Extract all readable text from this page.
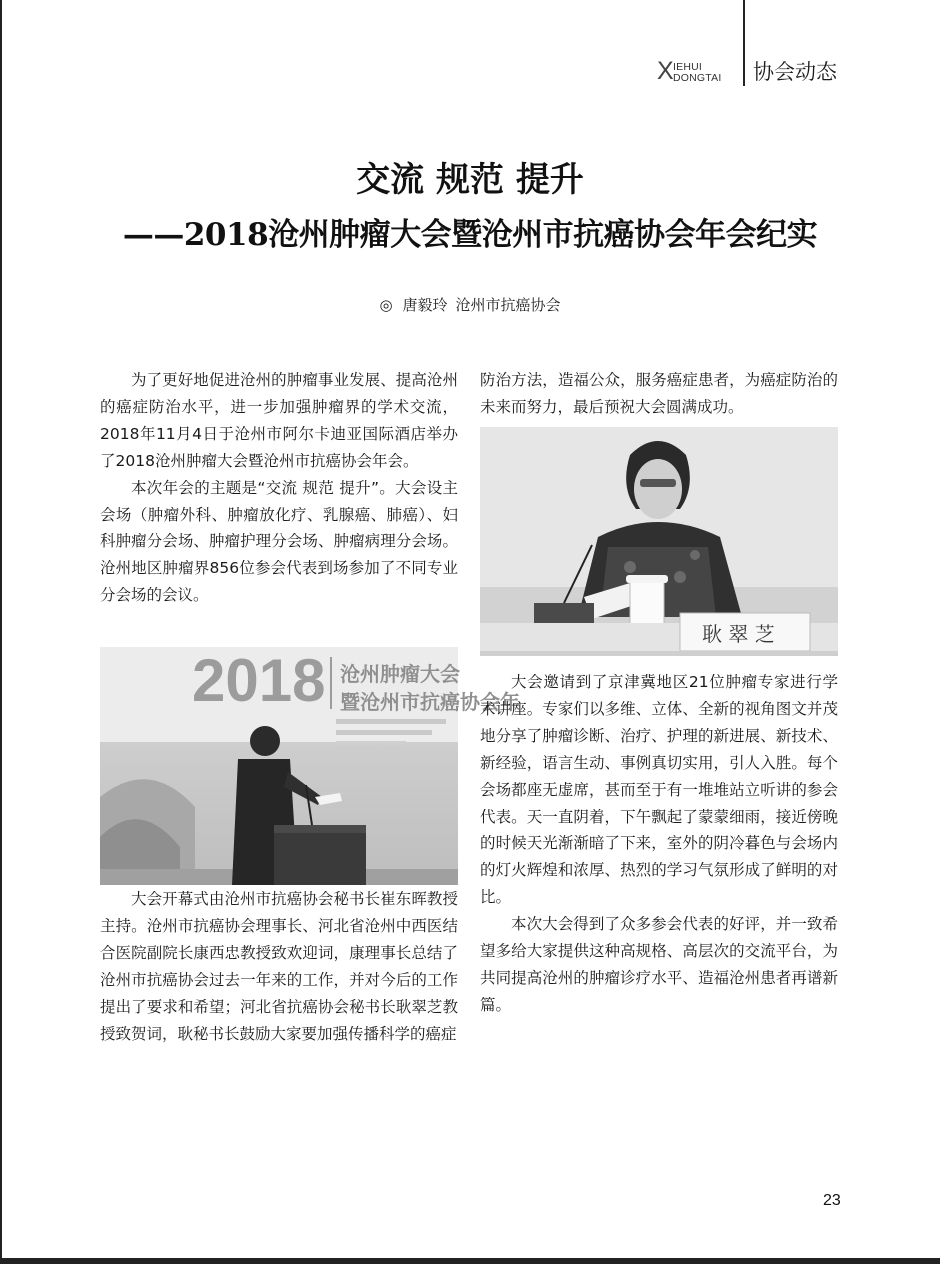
X IEHUI
DONGTAI 协会动态
交流 规范 提升
——2018沧州肿瘤大会暨沧州市抗癌协会年会纪实
◎ 唐毅玲 沧州市抗癌协会

为了更好地促进沧州的肿瘤事业发展、提高沧州的癌症防治水平，进一步加强肿瘤界的学术交流，2018年11月4日于沧州市阿尔卡迪亚国际酒店举办了2018沧州肿瘤大会暨沧州市抗癌协会年会。

本次年会的主题是“交流 规范 提升”。大会设主会场（肿瘤外科、肿瘤放化疗、乳腺癌、肺癌）、妇科肿瘤分会场、肿瘤护理分会场、肿瘤病理分会场。沧州地区肿瘤界856位参会代表到场参加了不同专业分会场的会议。

2018 沧州肿瘤大会
暨沧州市抗癌协会年

大会开幕式由沧州市抗癌协会秘书长崔东晖教授主持。沧州市抗癌协会理事长、河北省沧州中西医结合医院副院长康西忠教授致欢迎词，康理事长总结了沧州市抗癌协会过去一年来的工作，并对今后的工作提出了要求和希望；河北省抗癌协会秘书长耿翠芝教授致贺词，耿秘书长鼓励大家要加强传播科学的癌症

防治方法，造福公众，服务癌症患者，为癌症防治的未来而努力，最后预祝大会圆满成功。

耿 翠 芝

大会邀请到了京津冀地区21位肿瘤专家进行学术讲座。专家们以多维、立体、全新的视角图文并茂地分享了肿瘤诊断、治疗、护理的新进展、新技术、新经验，语言生动、事例真切实用，引人入胜。每个会场都座无虚席，甚而至于有一堆堆站立听讲的参会代表。天一直阴着，下午飘起了蒙蒙细雨，接近傍晚的时候天光渐渐暗了下来，室外的阴冷暮色与会场内的灯火辉煌和浓厚、热烈的学习气氛形成了鲜明的对比。

本次大会得到了众多参会代表的好评，并一致希望多给大家提供这种高规格、高层次的交流平台，为共同提高沧州的肿瘤诊疗水平、造福沧州患者再谱新篇。

23
